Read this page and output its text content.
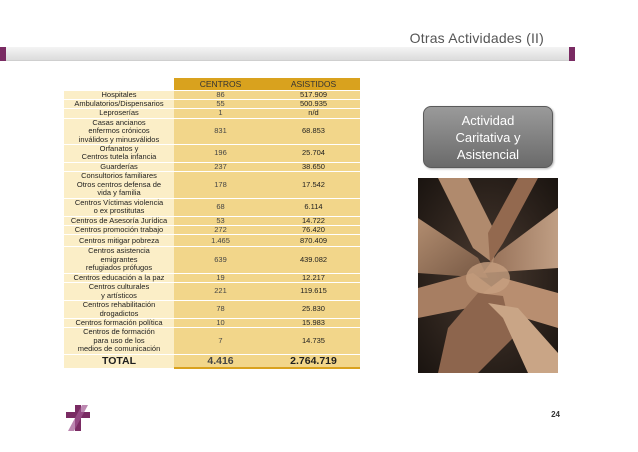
Otras Actividades (II)
	CENTROS	ASISTIDOS
Hospitales	86	517.909
Ambulatorios/Dispensarios	55	500.935
Leproserías	1	n/d
Casas ancianos
enfermos crónicos
inválidos y minusválidos	831	68.853
Orfanatos y
Centros tutela infancia	196	25.704
Guarderías	237	38.650
Consultorios familiares
Otros centros defensa de
vida y familia	178	17.542
Centros Víctimas violencia
o ex prostitutas	68	6.114
Centros de Asesoría Jurídica	53	14.722
Centros promoción trabajo	272	76.420
Centros mitigar pobreza	1.465	870.409
Centros asistencia
emigrantes
refugiados prófugos	639	439.082
Centros educación a la paz	19	12.217
Centros culturales
y artísticos	221	119.615
Centros rehabilitación
drogadictos	78	25.830
Centros formación política	10	15.983
Centros de formación
para uso de los
medios de comunicación	7	14.735
TOTAL	4.416	2.764.719
Actividad
Caritativa y
Asistencial
24
